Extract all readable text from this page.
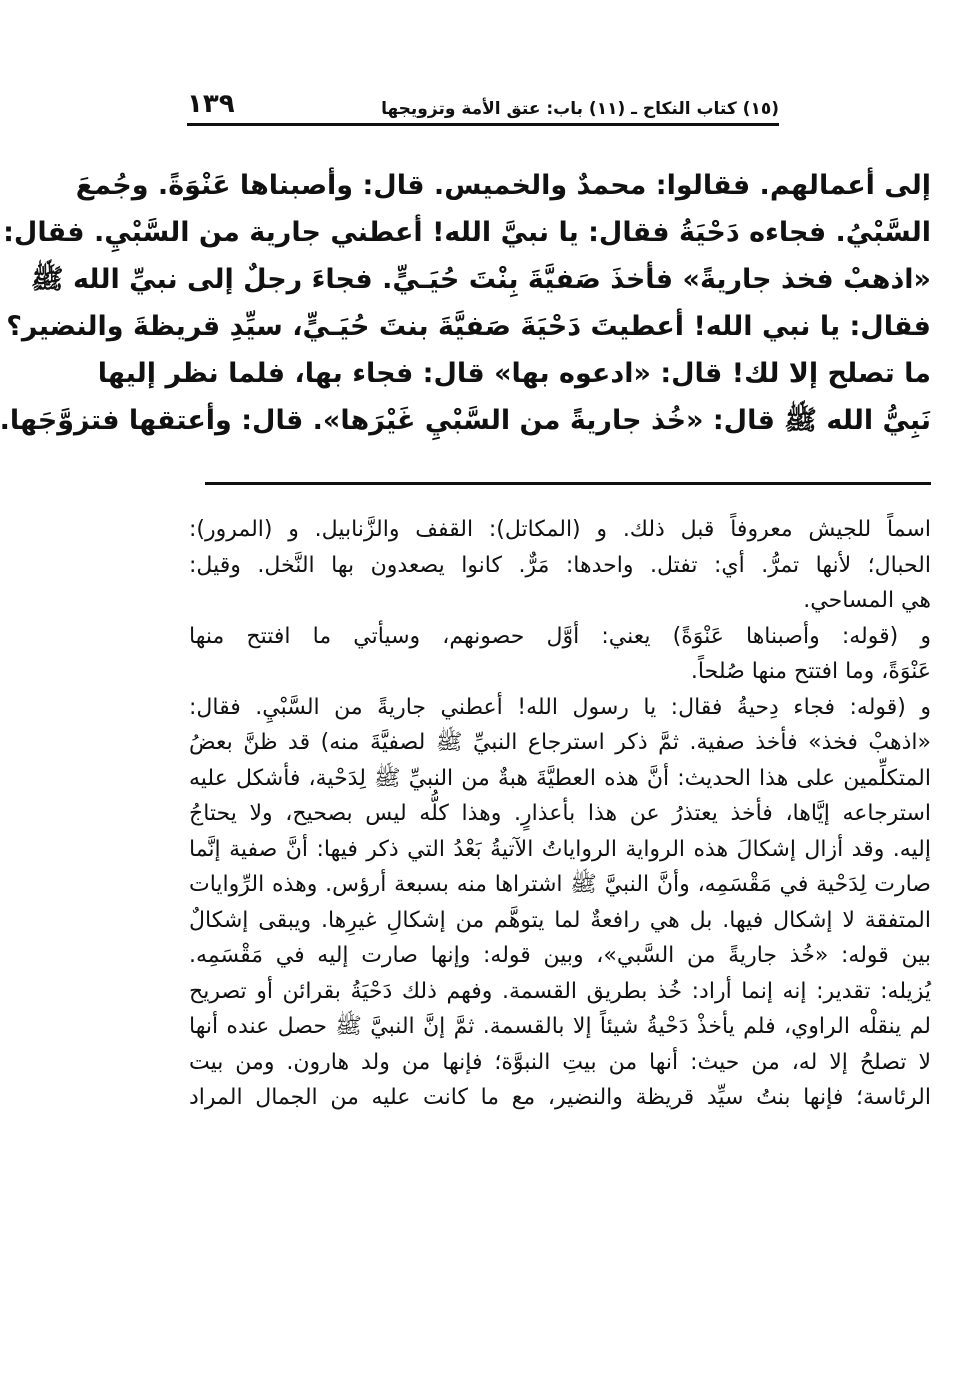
(١٥) كتاب النكاح ـ (١١) باب: عتق الأمة وتزويجها
١٣٩
إلى أعمالهم. فقالوا: محمدٌ والخميس. قال: وأصبناها عَنْوَةً. وجُمعَ
السَّبْيُ. فجاءه دَحْيَةُ فقال: يا نبيَّ الله! أعطني جارية من السَّبْيِ. فقال:
«اذهبْ فخذ جاريةً» فأخذَ صَفيَّةَ بِنْتَ حُيَـيٍّ. فجاءَ رجلٌ إلى نبيِّ الله ﷺ
فقال: يا نبي الله! أعطيتَ دَحْيَةَ صَفيَّةَ بنتَ حُيَـيٍّ، سيِّدِ قريظةَ والنضير؟
ما تصلح إلا لك! قال: «ادعوه بها» قال: فجاء بها، فلما نظر إليها
نَبِيُّ الله ﷺ قال: «خُذ جاريةً من السَّبْيِ غَيْرَها». قال: وأعتقها فتزوَّجَها.
اسماً للجيش معروفاً قبل ذلك. و (المكاتل): القفف والزَّنابيل. و (المرور):
الحبال؛ لأنها تمرُّ. أي: تفتل. واحدها: مَرٌّ. كانوا يصعدون بها النَّخل. وقيل:
هي المساحي.
و (قوله: وأصبناها عَنْوَةً) يعني: أوَّل حصونهم، وسيأتي ما افتتح منها
عَنْوَةً، وما افتتح منها صُلحاً.
و (قوله: فجاء دِحيةُ فقال: يا رسول الله! أعطني جاريةً من السَّبْيِ. فقال:
«اذهبْ فخذ» فأخذ صفية. ثمَّ ذكر استرجاع النبيِّ ﷺ لصفيَّةَ منه) قد ظنَّ بعضُ
المتكلِّمين على هذا الحديث: أنَّ هذه العطيَّةَ هبةٌ من النبيِّ ﷺ لِدَحْية، فأشكل عليه
استرجاعه إيَّاها، فأخذ يعتذرُ عن هذا بأعذارٍ. وهذا كلُّه ليس بصحيح، ولا يحتاجُ
إليه. وقد أزال إشكالَ هذه الرواية الرواياتُ الآتيةُ بَعْدُ التي ذكر فيها: أنَّ صفية إنَّما
صارت لِدَحْية في مَقْسَمِه، وأنَّ النبيَّ ﷺ اشتراها منه بسبعة أرؤس. وهذه الرِّوايات
المتفقة لا إشكال فيها. بل هي رافعةٌ لما يتوهَّم من إشكالِ غيرِها. ويبقى إشكالٌ
بين قوله: «خُذ جاريةً من السَّبي»، وبين قوله: وإنها صارت إليه في مَقْسَمِه.
يُزيله: تقدير: إنه إنما أراد: خُذ بطريق القسمة. وفهم ذلك دَحْيَةُ بقرائن أو تصريح
لم ينقلْه الراوي، فلم يأخذْ دَحْيةُ شيئاً إلا بالقسمة. ثمَّ إنَّ النبيَّ ﷺ حصل عنده أنها
لا تصلحُ إلا له، من حيث: أنها من بيتِ النبوَّة؛ فإنها من ولد هارون. ومن بيت
الرئاسة؛ فإنها بنتُ سيِّد قريظة والنضير، مع ما كانت عليه من الجمال المراد
